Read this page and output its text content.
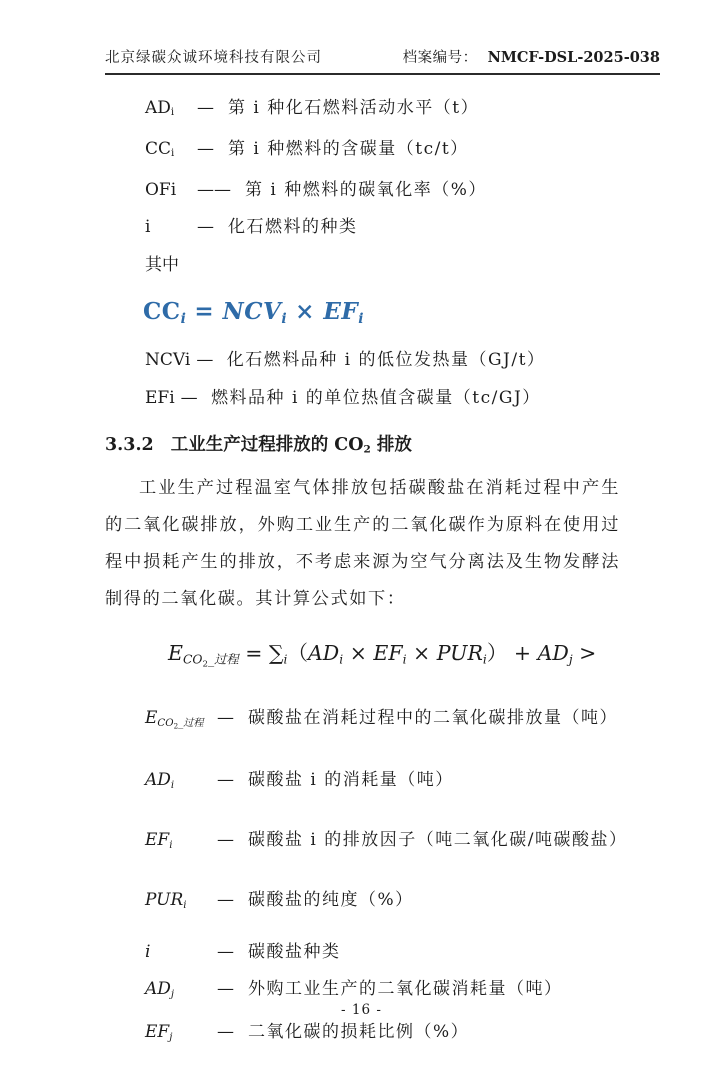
北京绿碳众诚环境科技有限公司	档案编号： NMCF-DSL-2025-038
ADi	— 第 i 种化石燃料活动水平（t）
CCi	— 第 i 种燃料的含碳量（tc/t）
OFi	—— 第 i 种燃料的碳氧化率（%）
i	— 化石燃料的种类
其中
CCi = NCVi × EFi
NCVi — 化石燃料品种 i 的低位发热量（GJ/t）
EFi — 燃料品种 i 的单位热值含碳量（tc/GJ）
3.3.2 工业生产过程排放的 CO2 排放
工业生产过程温室气体排放包括碳酸盐在消耗过程中产生的二氧化碳排放，外购工业生产的二氧化碳作为原料在使用过程中损耗产生的排放，不考虑来源为空气分离法及生物发酵法制得的二氧化碳。其计算公式如下：
$ECO_2\_$过程 = ∑i（ADi × EFi × PURi） + ADj >
$ECO_2\_$过程 — 碳酸盐在消耗过程中的二氧化碳排放量（吨）
ADi	— 碳酸盐 i 的消耗量（吨）
EFi	— 碳酸盐 i 的排放因子（吨二氧化碳/吨碳酸盐）
PURi	— 碳酸盐的纯度（%）
i	— 碳酸盐种类
ADj	— 外购工业生产的二氧化碳消耗量（吨）
EFj	— 二氧化碳的损耗比例（%）
- 16 -
